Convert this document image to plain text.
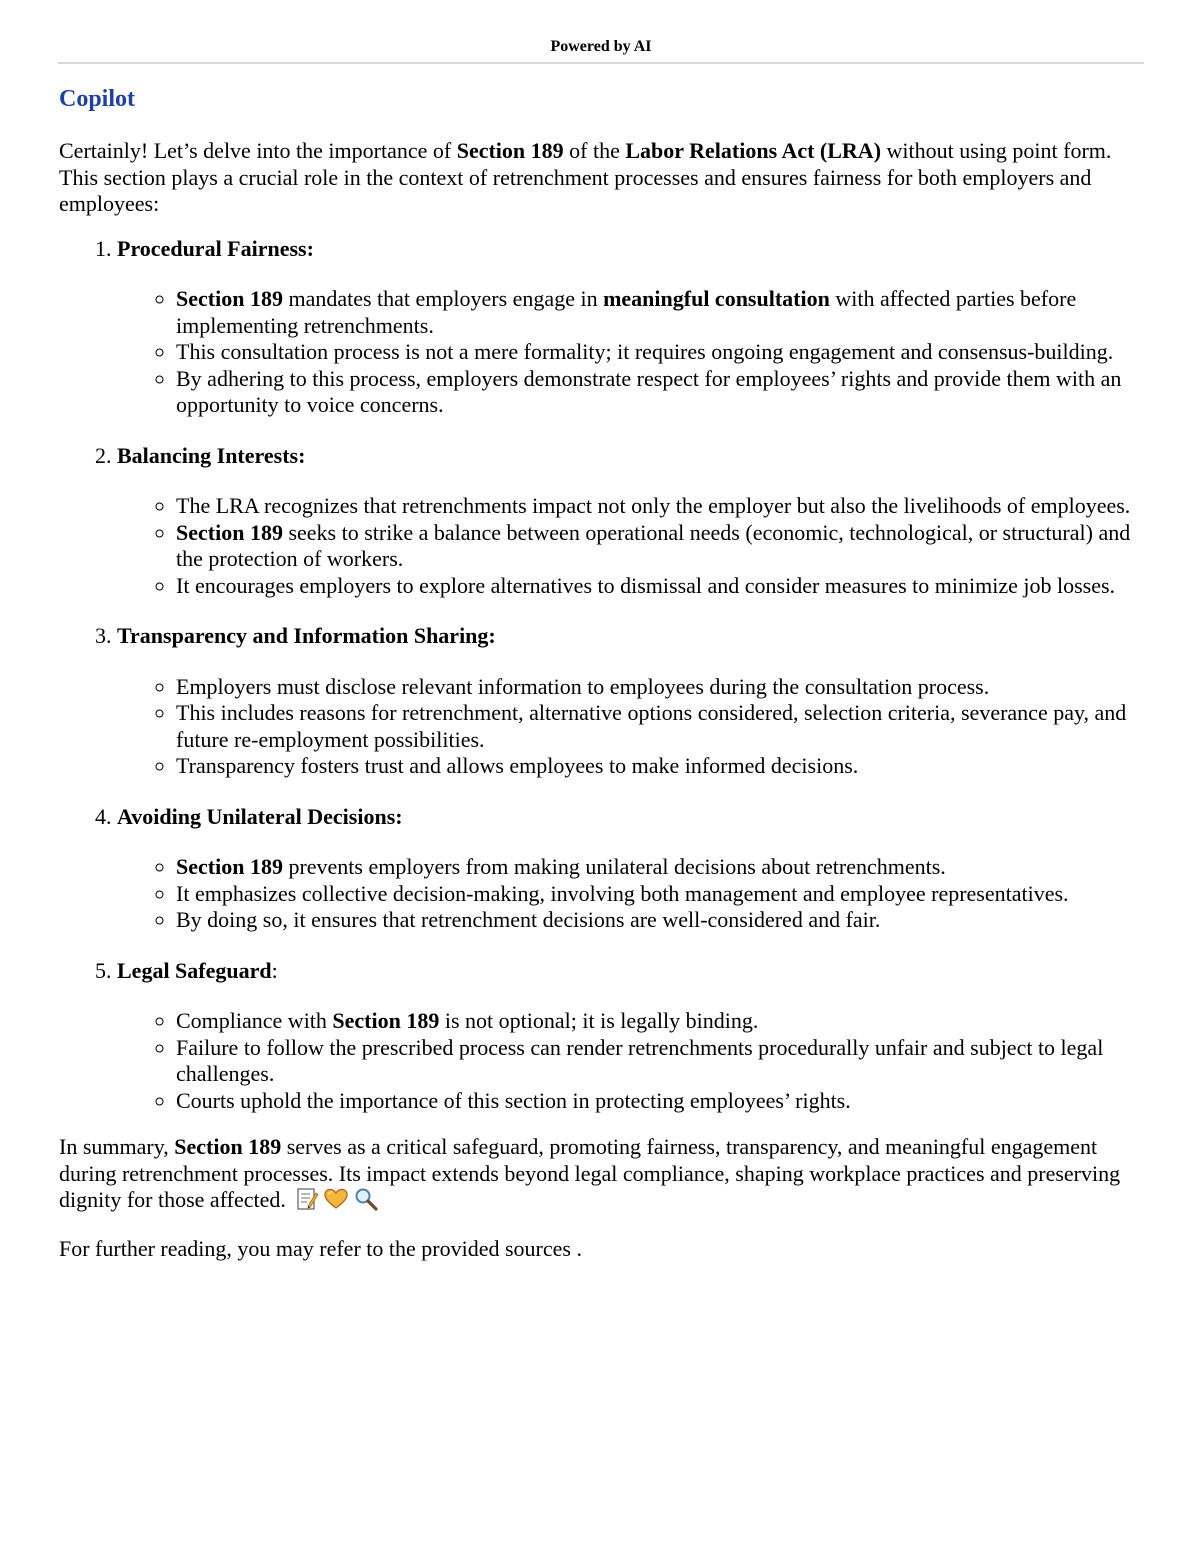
Powered by AI
Copilot

Certainly! Let’s delve into the importance of Section 189 of the Labor Relations Act (LRA) without using point form. This section plays a crucial role in the context of retrenchment processes and ensures fairness for both employers and employees:

1. Procedural Fairness:
◦ Section 189 mandates that employers engage in meaningful consultation with affected parties before implementing retrenchments.
◦ This consultation process is not a mere formality; it requires ongoing engagement and consensus-building.
◦ By adhering to this process, employers demonstrate respect for employees’ rights and provide them with an opportunity to voice concerns.
2. Balancing Interests:
◦ The LRA recognizes that retrenchments impact not only the employer but also the livelihoods of employees.
◦ Section 189 seeks to strike a balance between operational needs (economic, technological, or structural) and the protection of workers.
◦ It encourages employers to explore alternatives to dismissal and consider measures to minimize job losses.
3. Transparency and Information Sharing:
◦ Employers must disclose relevant information to employees during the consultation process.
◦ This includes reasons for retrenchment, alternative options considered, selection criteria, severance pay, and future re-employment possibilities.
◦ Transparency fosters trust and allows employees to make informed decisions.
4. Avoiding Unilateral Decisions:
◦ Section 189 prevents employers from making unilateral decisions about retrenchments.
◦ It emphasizes collective decision-making, involving both management and employee representatives.
◦ By doing so, it ensures that retrenchment decisions are well-considered and fair.
5. Legal Safeguard:
◦ Compliance with Section 189 is not optional; it is legally binding.
◦ Failure to follow the prescribed process can render retrenchments procedurally unfair and subject to legal challenges.
◦ Courts uphold the importance of this section in protecting employees’ rights.

In summary, Section 189 serves as a critical safeguard, promoting fairness, transparency, and meaningful engagement during retrenchment processes. Its impact extends beyond legal compliance, shaping workplace practices and preserving dignity for those affected.

For further reading, you may refer to the provided sources .
